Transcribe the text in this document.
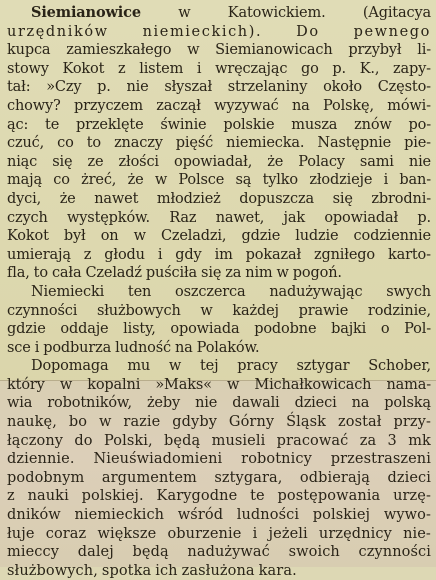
Siemianowice	w	Katowickiem.	(Agitacya
urzędników niemieckich). Do pewnego
kupca zamieszkałego w Siemianowicach przybył li-
stowy Kokot z listem i wręczając go p. K., zapy-
tał: »Czy p. nie słyszał strzelaniny około Często-
chowy? przyczem zaczął wyzywać na Polskę, mówi-
ąc: te przeklęte świnie polskie musza znów po-
czuć, co to znaczy pięść niemiecka. Następnie pie-
niąc się ze złości opowiadał, że Polacy sami nie
mają co żreć, że w Polsce są tylko złodzieje i ban-
dyci, że nawet młodzież dopuszcza się zbrodni-
czych występków. Raz nawet, jak opowiadał p.
Kokot był on w Czeladzi, gdzie ludzie codziennie
umierają z głodu i gdy im pokazał zgniłego karto-
fla, to cała Czeladź puściła się za nim w pogoń.
Niemiecki ten oszczerca nadużywając swych
czynności służbowych w każdej prawie rodzinie,
gdzie oddaje listy, opowiada podobne bajki o Pol-
sce i podburza ludność na Polaków.
Dopomaga mu w tej pracy sztygar Schober,
który w kopalni »Maks« w Michałkowicach nama-
wia robotników, żeby nie dawali dzieci na polską
naukę, bo w razie gdyby Górny Śląsk został przy-
łączony do Polski, będą musieli pracować za 3 mk
dziennie. Nieuświadomieni robotnicy przestraszeni
podobnym argumentem sztygara, odbierają dzieci
z nauki polskiej. Karygodne te postępowania urzę-
dników niemieckich wśród ludności polskiej wywo-
łuje coraz większe oburzenie i jeżeli urzędnicy nie-
mieccy dalej będą nadużywać swoich czynności
służbowych, spotka ich zasłużona kara.
